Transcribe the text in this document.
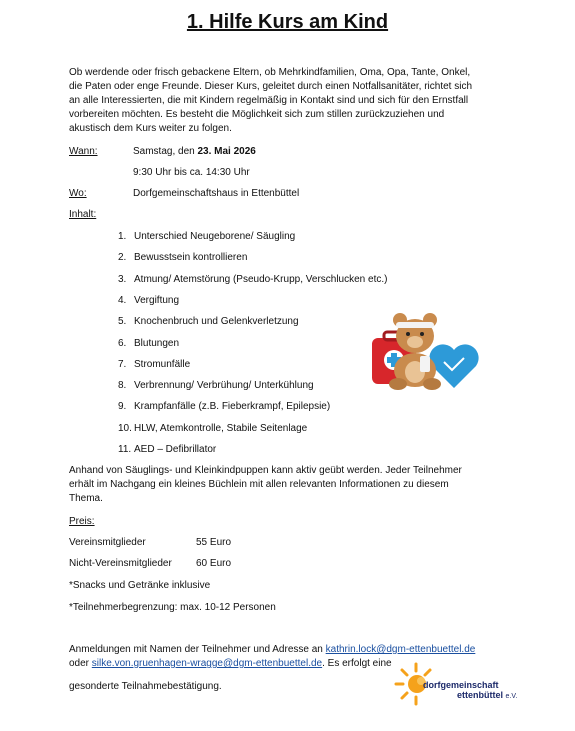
1. Hilfe Kurs am Kind
Ob werdende oder frisch gebackene Eltern, ob Mehrkindfamilien, Oma, Opa, Tante, Onkel, die Paten oder enge Freunde. Dieser Kurs, geleitet durch einen Notfallsanitäter, richtet sich an alle Interessierten, die mit Kindern regelmäßig in Kontakt sind und sich für den Ernstfall vorbereiten möchten. Es besteht die Möglichkeit sich zum stillen zurückzuziehen und akustisch dem Kurs weiter zu folgen.
Wann:	Samstag, den 23. Mai 2026
9:30 Uhr bis ca. 14:30 Uhr
Wo:	Dorfgemeinschaftshaus in Ettenbüttel
Inhalt:
1. Unterschied Neugeborene/ Säugling
2. Bewusstsein kontrollieren
3. Atmung/ Atemstörung (Pseudo-Krupp, Verschlucken etc.)
4. Vergiftung
5. Knochenbruch und Gelenkverletzung
6. Blutungen
7. Stromunfälle
8. Verbrennung/ Verbrühung/ Unterkühlung
9. Krampfanfälle (z.B. Fieberkrampf, Epilepsie)
10. HLW, Atemkontrolle, Stabile Seitenlage
11. AED – Defibrillator
Anhand von Säuglings- und Kleinkindpuppen kann aktiv geübt werden. Jeder Teilnehmer erhält im Nachgang ein kleines Büchlein mit allen relevanten Informationen zu diesem Thema.
Preis:
Vereinsmitglieder	55 Euro
Nicht-Vereinsmitglieder 60 Euro
*Snacks und Getränke inklusive
*Teilnehmerbegrenzung: max. 10-12 Personen
Anmeldungen mit Namen der Teilnehmer und Adresse an kathrin.lock@dgm-ettenbuettel.de
oder silke.von.gruenhagen-wragge@dgm-ettenbuettel.de. Es erfolgt eine
gesonderte Teilnahmebestätigung.	dorfgemeinschaft
ettenbüttel e.V.
